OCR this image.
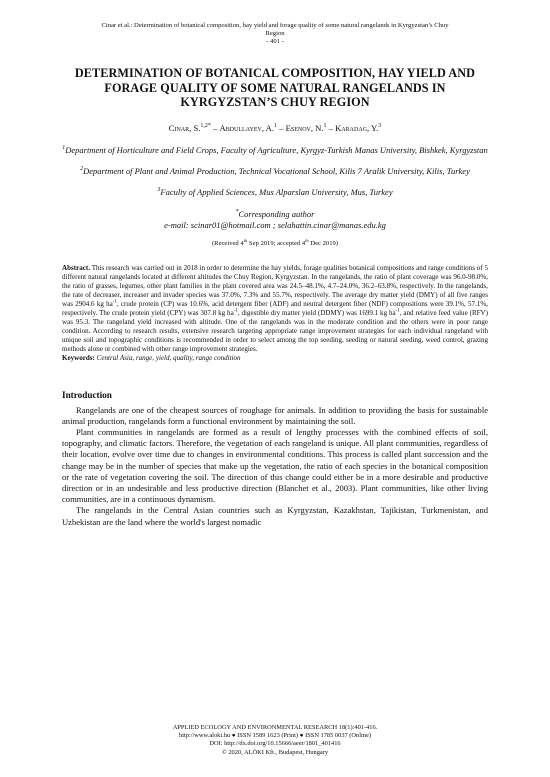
Cinar et al.: Determination of botanical composition, hay yield and forage quality of some natural rangelands in Kyrgyzstan’s Chuy
Region
- 401 -
DETERMINATION OF BOTANICAL COMPOSITION, HAY YIELD AND FORAGE QUALITY OF SOME NATURAL RANGELANDS IN KYRGYZSTAN’S CHUY REGION
Cinar, S.$^{1,2*}$ – Abdullayev, A.$^1$ – Esenov, N.$^1$ – Karadag, Y.$^3$
$^1$Department of Horticulture and Field Crops, Faculty of Agriculture, Kyrgyz-Turkish Manas University, Bishkek, Kyrgyzstan
$^2$Department of Plant and Animal Production, Technical Vocational School, Kilis 7 Aralik University, Kilis, Turkey
$^3$Faculty of Applied Sciences, Mus Alparslan University, Mus, Turkey
*Corresponding author
e-mail: scinar01@hotmail.com ; selahattin.cinar@manas.edu.kg
(Received 4th Sep 2019; accepted 4th Dec 2019)
Abstract. This research was carried out in 2018 in order to determine the hay yields, forage qualities botanical compositions and range conditions of 5 different natural rangelands located at different altitudes the Chuy Region, Kyrgyzstan. In the rangelands, the ratio of plant coverage was 96.0-98.0%, the ratio of grasses, legumes, other plant families in the plant covered area was 24.5–48.1%, 4.7–24.0%, 36.2–63.8%, respectively. In the rangelands, the rate of decreaser, increaser and invader species was 37.0%, 7.3% and 55.7%, respectively. The average dry matter yield (DMY) of all five ranges was 2904.6 kg $ha^{-1}$, crude protein (CP) was 10.6%, acid detergent fiber (ADF) and neutral detergent fiber (NDF) compositions were 39.1%, 57.1%, respectively. The crude protein yield (CPY) was 307.8 kg $ha^{-1}$, digestible dry matter yield (DDMY) was 1699.1 kg $ha^{-1}$, and relative feed value (RFV) was 95.3. The rangeland yield increased with altitude. One of the rangelands was in the moderate condition and the others were in poor range condition. According to research results, extensive research targeting appropriate range improvement strategies for each individual rangeland with unique soil and topographic conditions is recommended in order to select among the top seeding, seeding or natural seeding, weed control, grazing methods alone or combined with other range improvement strategies.
Keywords: Central Asia, range, yield, quality, range condition
Introduction

Rangelands are one of the cheapest sources of roughage for animals. In addition to providing the basis for sustainable animal production, rangelands form a functional environment by maintaining the soil.

Plant communities in rangelands are formed as a result of lengthy processes with the combined effects of soil, topography, and climatic factors. Therefore, the vegetation of each rangeland is unique. All plant communities, regardless of their location, evolve over time due to changes in environmental conditions. This process is called plant succession and the change may be in the number of species that make up the vegetation, the ratio of each species in the botanical composition or the rate of vegetation covering the soil. The direction of this change could either be in a more desirable and productive direction or in an undesirable and less productive direction (Blanchet et al., 2003). Plant communities, like other living communities, are in a continuous dynamism.

The rangelands in the Central Asian countries such as Kyrgyzstan, Kazakhstan, Tajikistan, Turkmenistan, and Uzbekistan are the land where the world's largest nomadic

APPLIED ECOLOGY AND ENVIRONMENTAL RESEARCH 18(1):401-416.
http://www.aloki.hu ● ISSN 1589 1623 (Print) ● ISSN 1785 0037 (Online)
DOI: http://dx.doi.org/10.15666/aeer/1801_401416
© 2020, ALÖKI Kft., Budapest, Hungary
